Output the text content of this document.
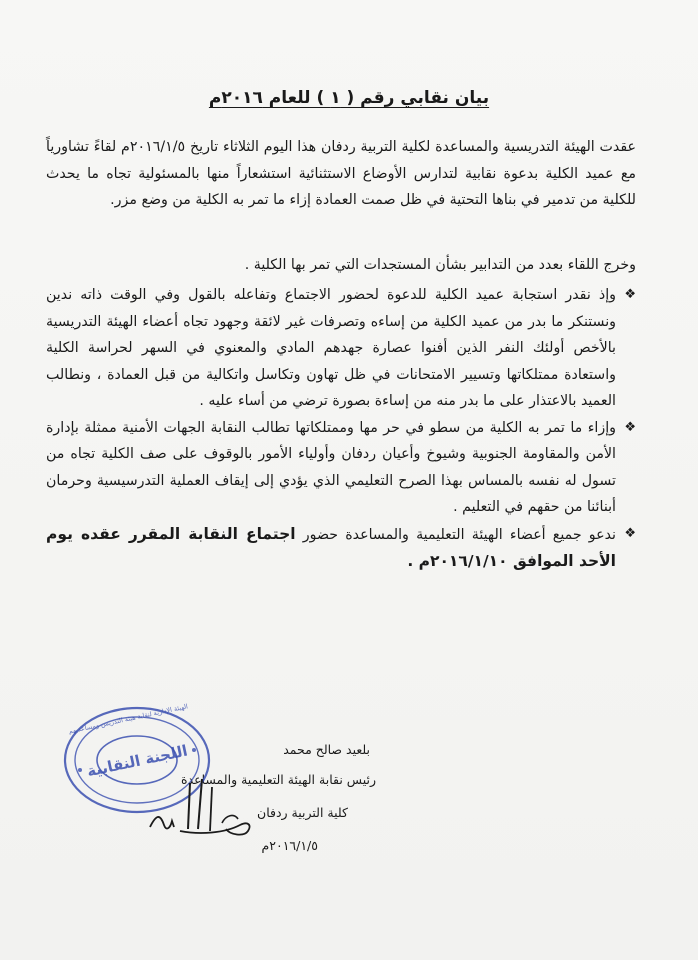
بيان نقابي رقم ( ١ ) للعام ٢٠١٦م
عقدت الهيئة التدريسية والمساعدة لكلية التربية ردفان هذا اليوم الثلاثاء تاريخ ٢٠١٦/١/٥م لقاءً تشاورياً مع عميد الكلية بدعوة نقابية لتدارس الأوضاع الاستثنائية استشعاراً منها بالمسئولية تجاه ما يحدث للكلية من تدمير في بناها التحتية في ظل صمت العمادة إزاء ما تمر به الكلية من وضع مزر.
وخرج اللقاء بعدد من التدابير بشأن المستجدات التي تمر بها الكلية .

❖
وإذ نقدر استجابة عميد الكلية للدعوة لحضور الاجتماع وتفاعله بالقول وفي الوقت ذاته ندين ونستنكر ما بدر من عميد الكلية من إساءه وتصرفات غير لائقة وجهود تجاه أعضاء الهيئة التدريسية بالأخص أولئك النفر الذين أفنوا عصارة جهدهم المادي والمعنوي في السهر لحراسة الكلية واستعادة ممتلكاتها وتسيير الامتحانات في ظل تهاون وتكاسل واتكالية من قبل العمادة ، ونطالب العميد بالاعتذار على ما بدر منه من إساءة بصورة ترضي من أساء عليه .

❖
وإزاء ما تمر به الكلية من سطو في حر مها وممتلكاتها تطالب النقابة الجهات الأمنية ممثلة بإدارة الأمن والمقاومة الجنوبية وشيوخ وأعيان ردفان وأولياء الأمور بالوقوف على صف الكلية تجاه من تسول له نفسه بالمساس بهذا الصرح التعليمي الذي يؤدي إلى إيقاف العملية التدرسيسية وحرمان أبنائنا من حقهم في التعليم .

❖
ندعو جميع أعضاء الهيئة التعليمية والمساعدة حضور اجتماع النقابة المقرر عقده يوم الأحد الموافق ٢٠١٦/١/١٠م .

بلعيد صالح محمد
رئيس نقابة الهيئة التعليمية والمساعدة
كلية التربية ردفان
٢٠١٦/١/٥م
اللجنة النقابية
الهيئة الإدارية لنقابة هيئة التدريس ومساعديهم
